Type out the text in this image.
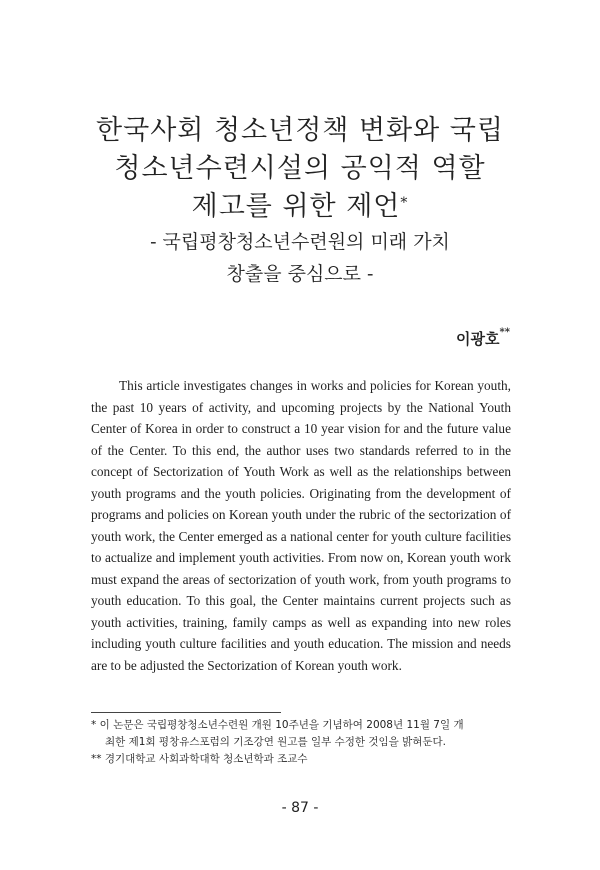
한국사회 청소년정책 변화와 국립
청소년수련시설의 공익적 역할
제고를 위한 제언*
- 국립평창청소년수련원의 미래 가치
창출을 중심으로 -
이광호**

This article investigates changes in works and policies for Korean youth, the past 10 years of activity, and upcoming projects by the National Youth Center of Korea in order to construct a 10 year vision for and the future value of the Center. To this end, the author uses two standards referred to in the concept of Sectorization of Youth Work as well as the relationships between youth programs and the youth policies. Originating from the development of programs and policies on Korean youth under the rubric of the sectorization of youth work, the Center emerged as a national center for youth culture facilities to actualize and implement youth activities. From now on, Korean youth work must expand the areas of sectorization of youth work, from youth programs to youth education. To this goal, the Center maintains current projects such as youth activities, training, family camps as well as expanding into new roles including youth culture facilities and youth education. The mission and needs are to be adjusted the Sectorization of Korean youth work.

* 이 논문은 국립평창청소년수련원 개원 10주년을 기념하여 2008년 11월 7일 개

최한 제1회 평창유스포럼의 기조강연 원고를 일부 수정한 것임을 밝혀둔다.

** 경기대학교 사회과학대학 청소년학과 조교수

- 87 -
